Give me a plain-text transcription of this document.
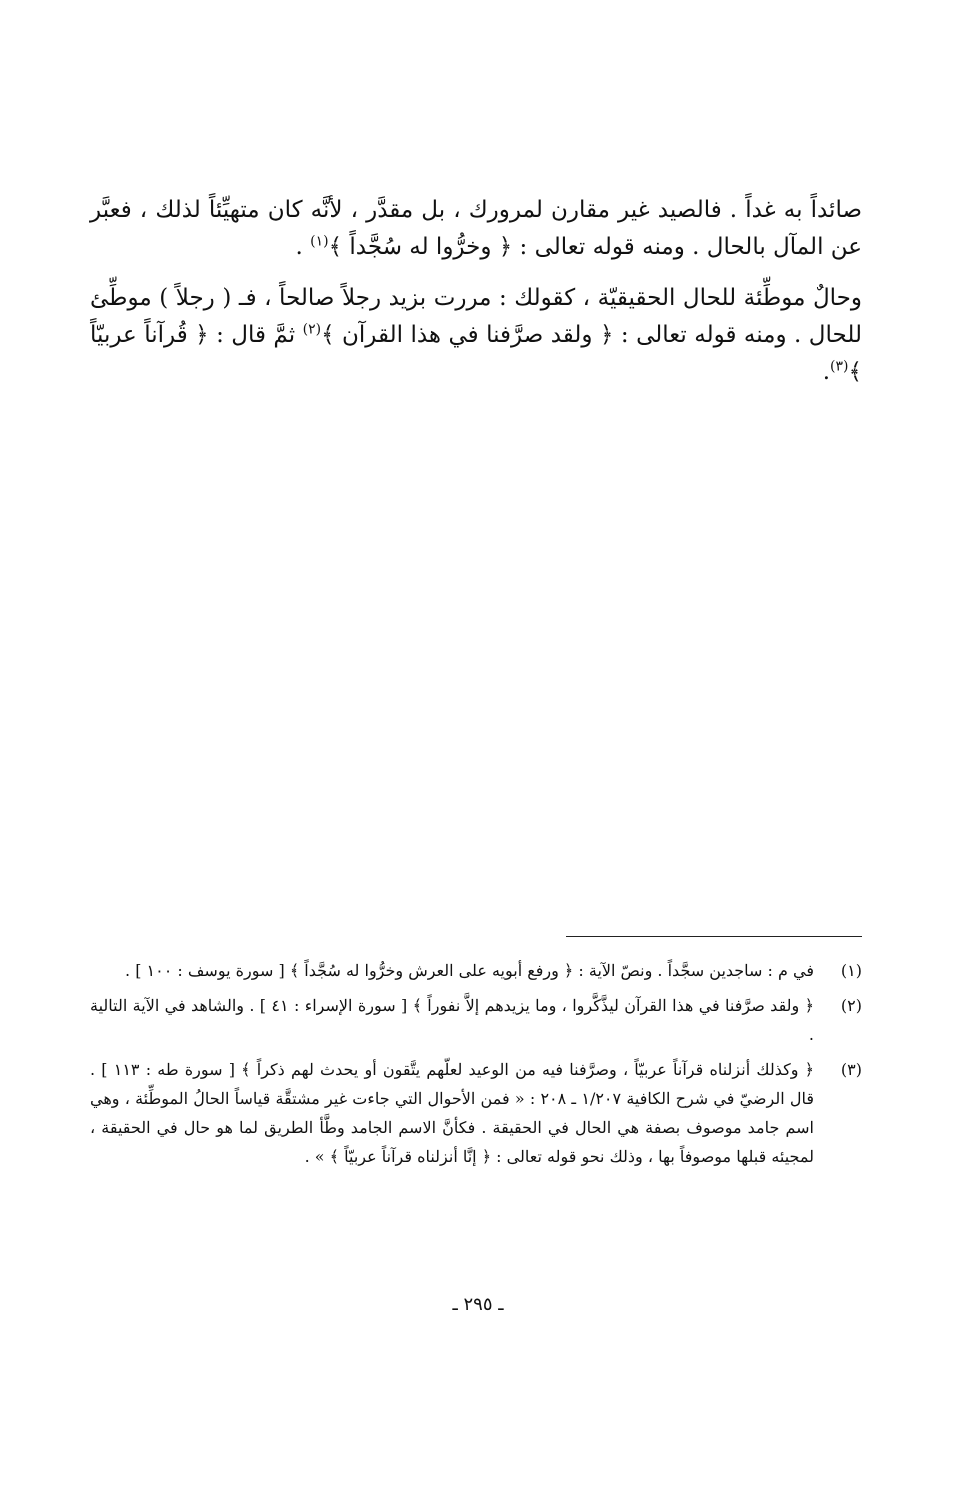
صائداً به غداً . فالصيد غير مقارن لمرورك ، بل مقدَّر ، لأنَّه كان متهيِّئاً لذلك ، فعبَّر عن المآل بالحال . ومنه قوله تعالى : ﴿ وخرُّوا له سُجَّداً ﴾$^{(١)}$ .

وحالٌ موطِّئة للحال الحقيقيّة ، كقولك : مررت بزيد رجلاً صالحاً ، فـ ( رجلاً ) موطِّئ للحال . ومنه قوله تعالى : ﴿ ولقد صرَّفنا في هذا القرآن ﴾$^{(٢)}$ ثمَّ قال : ﴿ قُرآناً عربيّاً ﴾$^{(٣)}$.

(١)
في م : ساجدين سجَّداً . ونصّ الآية : ﴿ ورفع أبويه على العرش وخرُّوا له سُجَّداً ﴾ [ سورة يوسف : ١٠٠ ] .
(٢)
﴿ ولقد صرَّفنا في هذا القرآن ليذَّكَّروا ، وما يزيدهم إلاَّ نفوراً ﴾ [ سورة الإسراء : ٤١ ] . والشاهد في الآية التالية .
(٣)
﴿ وكذلك أنزلناه قرآناً عربيّاً ، وصرَّفنا فيه من الوعيد لعلّهم يتَّقون أو يحدث لهم ذكراً ﴾ [ سورة طه : ١١٣ ] . قال الرضيّ في شرح الكافية ١/٢٠٧ ـ ٢٠٨ : « فمن الأحوال التي جاءت غير مشتقَّة قياساً الحالُ الموطِّئة ، وهي اسم جامد موصوف بصفة هي الحال في الحقيقة . فكأنَّ الاسم الجامد وطَّأ الطريق لما هو حال في الحقيقة ، لمجيئه قبلها موصوفاً بها ، وذلك نحو قوله تعالى : ﴿ إنَّا أنزلناه قرآناً عربيّاً ﴾ » .
ـ ٢٩٥ ـ
